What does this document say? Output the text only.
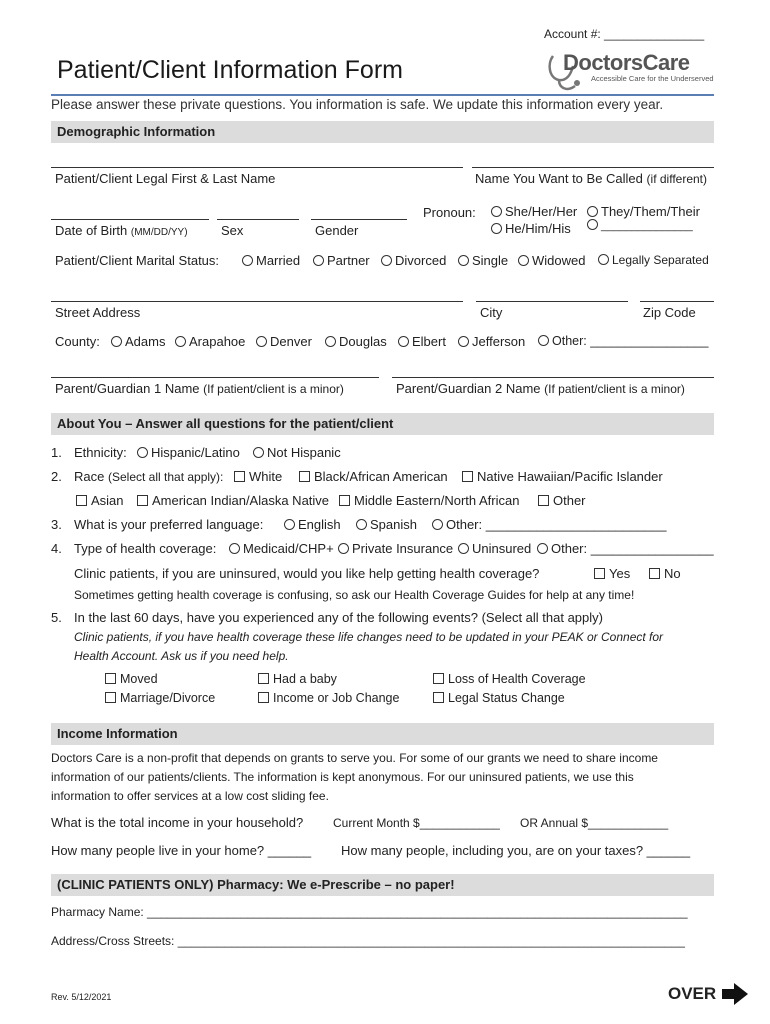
Account #: _______________
Patient/Client Information Form	DoctorsCare
Accessible Care for the Underserved
Please answer these private questions. You information is safe. We update this information every year.
Demographic Information
Patient/Client Legal First & Last Name	Name You Want to Be Called (if different)
Date of Birth (MM/DD/YY)	Sex	Gender
Pronoun:	She/Her/Her	They/Them/Their
He/Him/His	_______________
Patient/Client Marital Status:	Married	Partner	Divorced	Single	Widowed	Legally Separated
Street Address	City	Zip Code
County:	Adams	Arapahoe	Denver	Douglas	Elbert	Jefferson	Other: _________________
Parent/Guardian 1 Name (If patient/client is a minor)	Parent/Guardian 2 Name (If patient/client is a minor)
About You – Answer all questions for the patient/client
1. Ethnicity:	Hispanic/Latino	Not Hispanic
2. Race (Select all that apply):	White	Black/African American	Native Hawaiian/Pacific Islander
Asian	American Indian/Alaska Native	Middle Eastern/North African	Other
3. What is your preferred language:	English	Spanish	Other: _________________________
4. Type of health coverage:	Medicaid/CHP+	Private Insurance	Uninsured	Other: _________________
Clinic patients, if you are uninsured, would you like help getting health coverage?	Yes	No
Sometimes getting health coverage is confusing, so ask our Health Coverage Guides for help at any time!
5. In the last 60 days, have you experienced any of the following events? (Select all that apply)
Clinic patients, if you have health coverage these life changes need to be updated in your PEAK or Connect for
Health Account. Ask us if you need help.
Moved	Had a baby	Loss of Health Coverage
Marriage/Divorce	Income or Job Change	Legal Status Change
Income Information
Doctors Care is a non-profit that depends on grants to serve you. For some of our grants we need to share income
information of our patients/clients. The information is kept anonymous. For our uninsured patients, we use this
information to offer services at a low cost sliding fee.
What is the total income in your household? Current Month $____________ OR Annual $____________
How many people live in your home? ______ How many people, including you, are on your taxes? ______
(CLINIC PATIENTS ONLY) Pharmacy: We e-Prescribe – no paper!
Pharmacy Name: _________________________________________________________________________________
Address/Cross Streets: ____________________________________________________________________________
Rev. 5/12/2021	OVER
